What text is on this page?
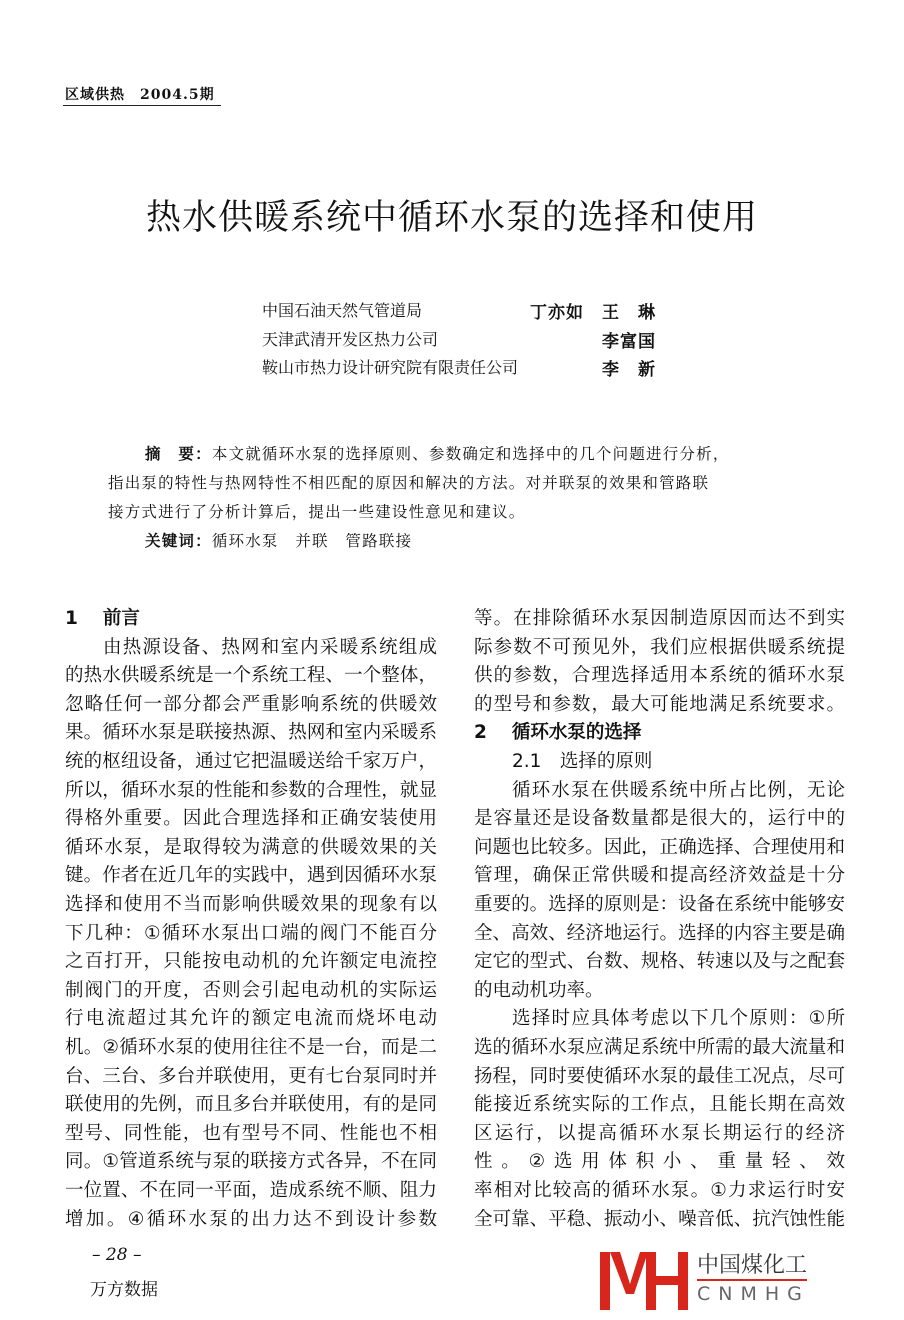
区域供热　2004.5期
热水供暖系统中循环水泵的选择和使用
中国石油天然气管道局	丁亦如　王　琳
天津武清开发区热力公司	　　　　李富国
鞍山市热力设计研究院有限责任公司 　　　　李　新
摘　要：本文就循环水泵的选择原则、参数确定和选择中的几个问题进行分析，
指出泵的特性与热网特性不相匹配的原因和解决的方法。对并联泵的效果和管路联
接方式进行了分析计算后，提出一些建设性意见和建议。
关键词：循环水泵　并联　管路联接
1　 前言
由热源设备、热网和室内采暖系统组成
的热水供暖系统是一个系统工程、一个整体，
忽略任何一部分都会严重影响系统的供暖效
果。循环水泵是联接热源、热网和室内采暖系
统的枢纽设备，通过它把温暖送给千家万户，
所以，循环水泵的性能和参数的合理性，就显
得格外重要。因此合理选择和正确安装使用
循环水泵，是取得较为满意的供暖效果的关
键。作者在近几年的实践中，遇到因循环水泵
选择和使用不当而影响供暖效果的现象有以
下几种：①循环水泵出口端的阀门不能百分
之百打开，只能按电动机的允许额定电流控
制阀门的开度，否则会引起电动机的实际运
行电流超过其允许的额定电流而烧坏电动
机。②循环水泵的使用往往不是一台，而是二
台、三台、多台并联使用，更有七台泵同时并
联使用的先例，而且多台并联使用，有的是同
型号、同性能，也有型号不同、性能也不相
同。①管道系统与泵的联接方式各异，不在同
一位置、不在同一平面，造成系统不顺、阻力
增加。④循环水泵的出力达不到设计参数
等。在排除循环水泵因制造原因而达不到实
际参数不可预见外，我们应根据供暖系统提
供的参数，合理选择适用本系统的循环水泵
的型号和参数，最大可能地满足系统要求。
2　 循环水泵的选择
2.1　选择的原则
循环水泵在供暖系统中所占比例，无论
是容量还是设备数量都是很大的，运行中的
问题也比较多。因此，正确选择、合理使用和
管理，确保正常供暖和提高经济效益是十分
重要的。选择的原则是：设备在系统中能够安
全、高效、经济地运行。选择的内容主要是确
定它的型式、台数、规格、转速以及与之配套
的电动机功率。
选择时应具体考虑以下几个原则：①所
选的循环水泵应满足系统中所需的最大流量和
扬程，同时要使循环水泵的最佳工况点，尽可
能接近系统实际的工作点，且能长期在高效
区运行，以提高循环水泵长期运行的经济
性。②选用体积小、重量轻、效
率相对比较高的循环水泵。①力求运行时安
全可靠、平稳、振动小、噪音低、抗汽蚀性能
中国煤化工
CNMHG
– 28 –
万方数据
